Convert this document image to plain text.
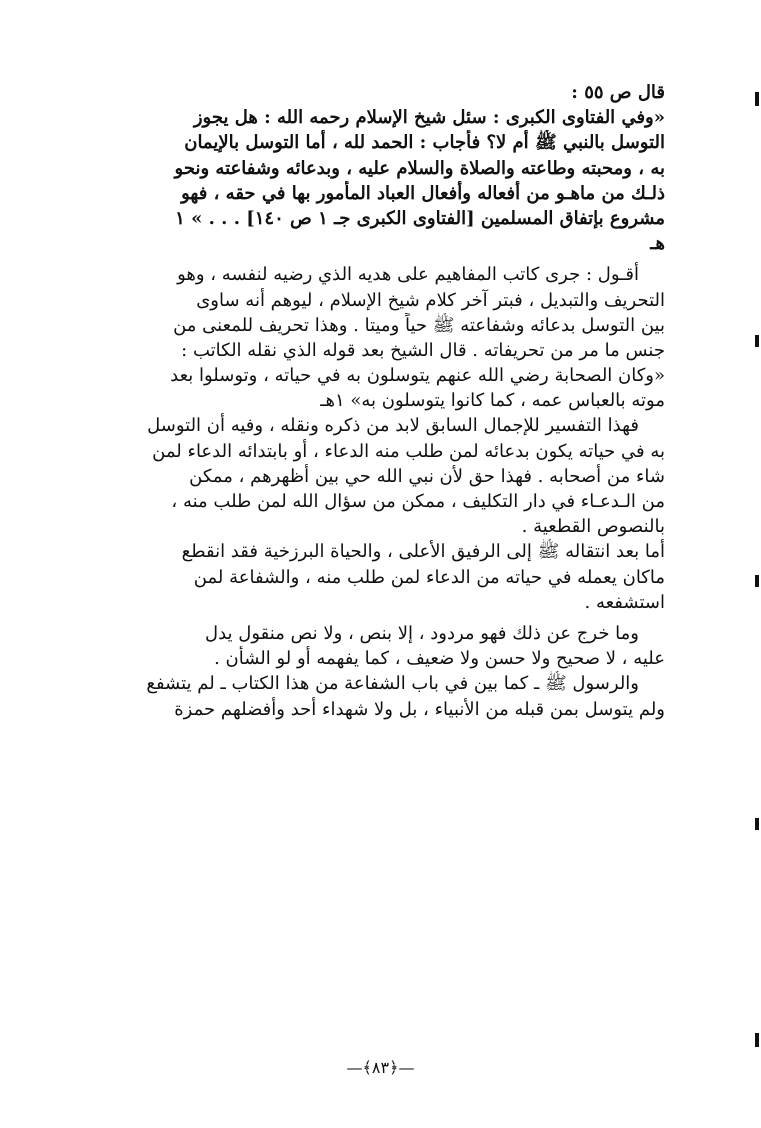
قال ص ٥٥ :
«وفي الفتاوى الكبرى : سئل شيخ الإسلام رحمه الله : هل يجوز
التوسل بالنبي ﷺ أم لا؟ فأجاب : الحمد لله ، أما التوسل بالإيمان
به ، ومحبته وطاعته والصلاة والسلام عليه ، وبدعائه وشفاعته ونحو
ذلـك من ماهـو من أفعاله وأفعال العباد المأمور بها في حقه ، فهو
مشروع بإتفاق المسلمين [الفتاوى الكبرى جـ ١ ص ١٤٠] . . . » ١
هـ
أقـول : جرى كاتب المفاهيم على هديه الذي رضيه لنفسه ، وهو
التحريف والتبديل ، فبتر آخر كلام شيخ الإسلام ، ليوهم أنه ساوى
بين التوسل بدعائه وشفاعته ﷺ حياً وميتا . وهذا تحريف للمعنى من
جنس ما مر من تحريفاته . قال الشيخ بعد قوله الذي نقله الكاتب :
«وكان الصحابة رضي الله عنهم يتوسلون به في حياته ، وتوسلوا بعد
موته بالعباس عمه ، كما كانوا يتوسلون به» ١هـ
فهذا التفسير للإجمال السابق لابد من ذكره ونقله ، وفيه أن التوسل
به في حياته يكون بدعائه لمن طلب منه الدعاء ، أو بابتدائه الدعاء لمن
شاء من أصحابه . فهذا حق لأن نبي الله حي بين أظهرهم ، ممكن
من الـدعـاء في دار التكليف ، ممكن من سؤال الله لمن طلب منه ،
بالنصوص القطعية .
أما بعد انتقاله ﷺ إلى الرفيق الأعلى ، والحياة البرزخية فقد انقطع
ماكان يعمله في حياته من الدعاء لمن طلب منه ، والشفاعة لمن
استشفعه .
وما خرج عن ذلك فهو مردود ، إلا بنص ، ولا نص منقول يدل
عليه ، لا صحيح ولا حسن ولا ضعيف ، كما يفهمه أو لو الشأن .
والرسول ﷺ ـ كما بين في باب الشفاعة من هذا الكتاب ـ لم يتشفع
ولم يتوسل بمن قبله من الأنبياء ، بل ولا شهداء أحد وأفضلهم حمزة
—﴿٨٣﴾—
